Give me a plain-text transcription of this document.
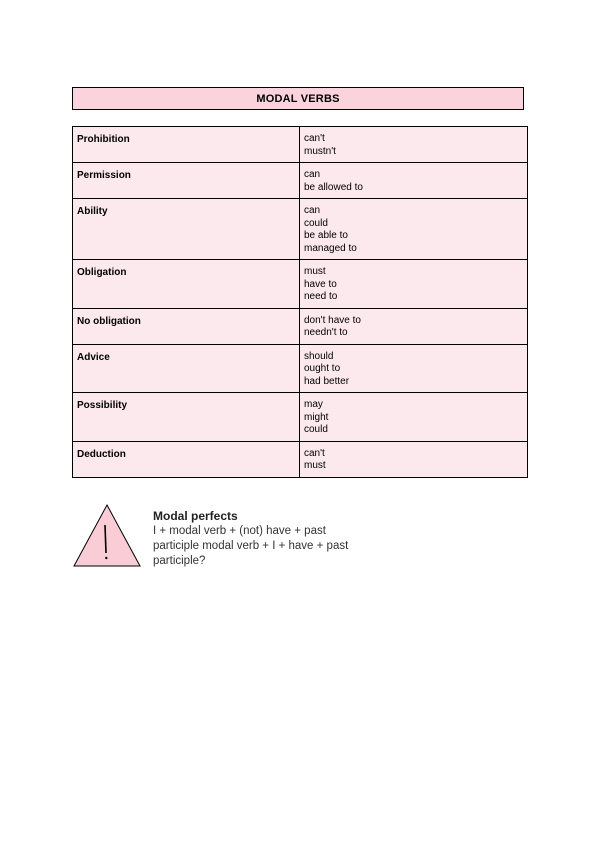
MODAL VERBS
Prohibition	can't
mustn't

Permission	can
be allowed to

Ability	can
could
be able to
managed to

Obligation	must
have to
need to

No obligation	don't have to
needn't to

Advice	should
ought to
had better

Possibility	may
might
could

Deduction	can't
must
Modal perfects
I + modal verb + (not) have + past participle modal verb + I + have + past participle?
